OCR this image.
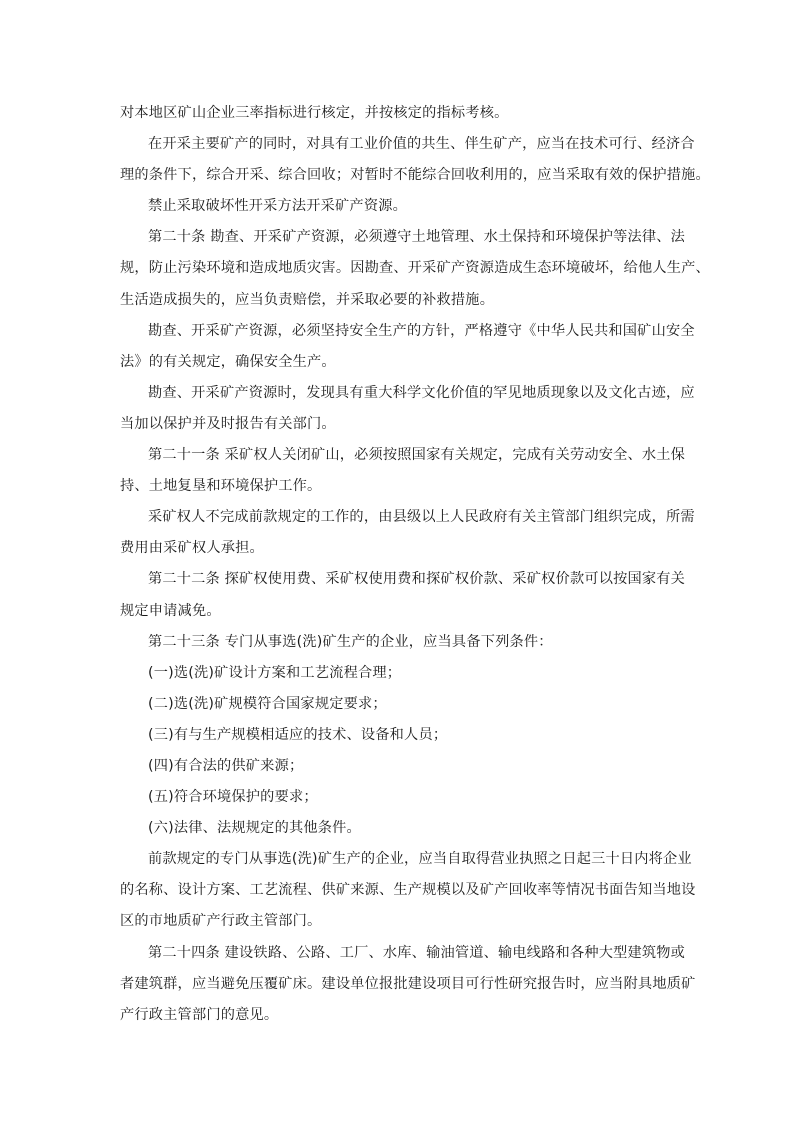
对本地区矿山企业三率指标进行核定，并按核定的指标考核。
在开采主要矿产的同时，对具有工业价值的共生、伴生矿产，应当在技术可行、经济合
理的条件下，综合开采、综合回收；对暂时不能综合回收利用的，应当采取有效的保护措施。
禁止采取破坏性开采方法开采矿产资源。
第二十条 勘查、开采矿产资源，必须遵守土地管理、水土保持和环境保护等法律、法
规，防止污染环境和造成地质灾害。因勘查、开采矿产资源造成生态环境破坏，给他人生产、
生活造成损失的，应当负责赔偿，并采取必要的补救措施。
勘查、开采矿产资源，必须坚持安全生产的方针，严格遵守《中华人民共和国矿山安全
法》的有关规定，确保安全生产。
勘查、开采矿产资源时，发现具有重大科学文化价值的罕见地质现象以及文化古迹，应
当加以保护并及时报告有关部门。
第二十一条 采矿权人关闭矿山，必须按照国家有关规定，完成有关劳动安全、水土保
持、土地复垦和环境保护工作。
采矿权人不完成前款规定的工作的，由县级以上人民政府有关主管部门组织完成，所需
费用由采矿权人承担。
第二十二条 探矿权使用费、采矿权使用费和探矿权价款、采矿权价款可以按国家有关
规定申请减免。
第二十三条 专门从事选(洗)矿生产的企业，应当具备下列条件：
(一)选(洗)矿设计方案和工艺流程合理；
(二)选(洗)矿规模符合国家规定要求；
(三)有与生产规模相适应的技术、设备和人员；
(四)有合法的供矿来源；
(五)符合环境保护的要求；
(六)法律、法规规定的其他条件。
前款规定的专门从事选(洗)矿生产的企业，应当自取得营业执照之日起三十日内将企业
的名称、设计方案、工艺流程、供矿来源、生产规模以及矿产回收率等情况书面告知当地设
区的市地质矿产行政主管部门。
第二十四条 建设铁路、公路、工厂、水库、输油管道、输电线路和各种大型建筑物或
者建筑群，应当避免压覆矿床。建设单位报批建设项目可行性研究报告时，应当附具地质矿
产行政主管部门的意见。
